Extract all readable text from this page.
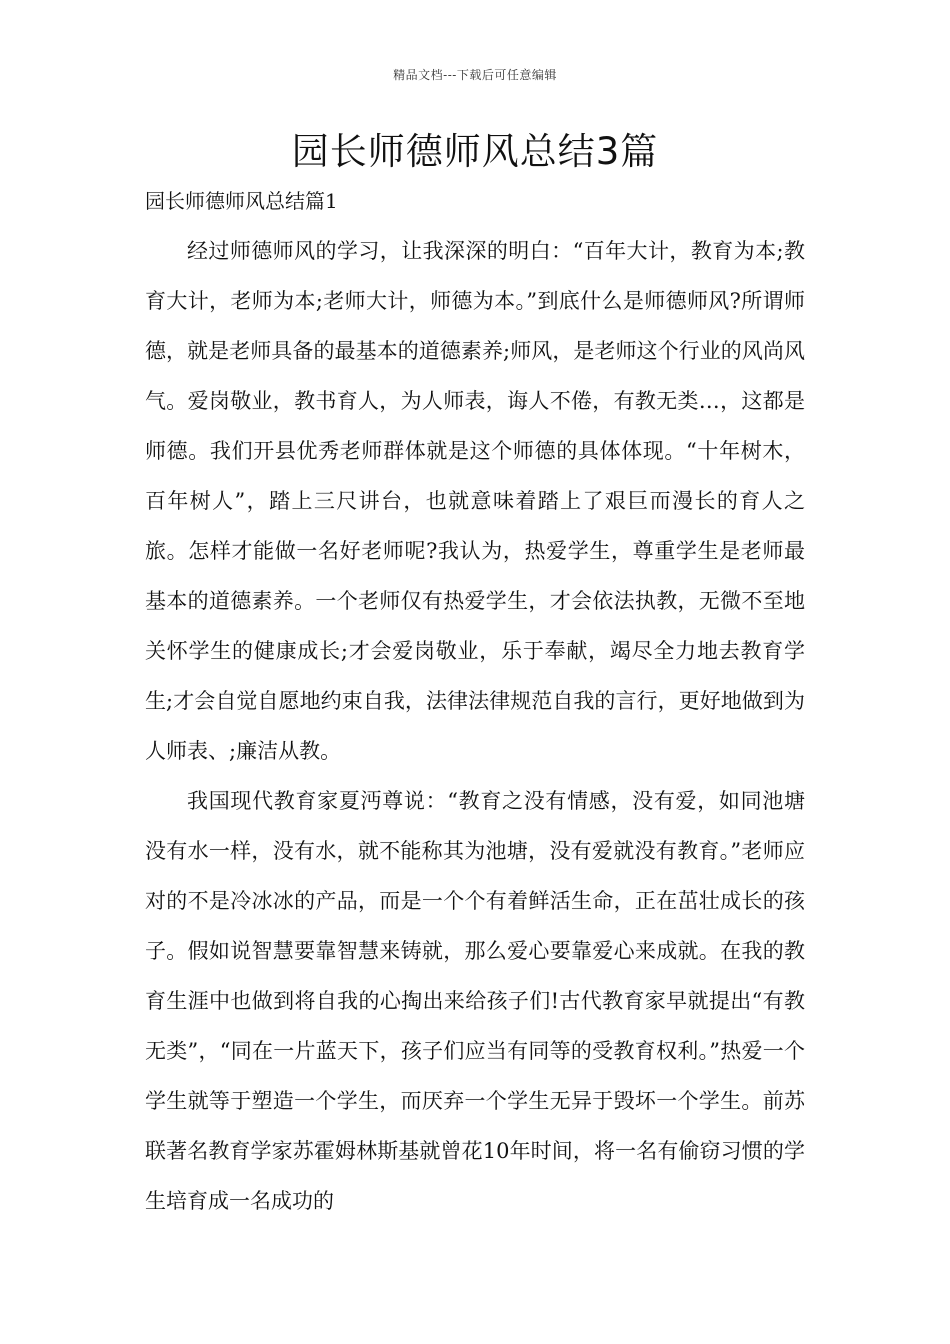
精品文档---下载后可任意编辑
园长师德师风总结3篇
园长师德师风总结篇1

经过师德师风的学习，让我深深的明白：“百年大计，教育为本;教育大计，老师为本;老师大计，师德为本。”到底什么是师德师风?所谓师德，就是老师具备的最基本的道德素养;师风，是老师这个行业的风尚风气。爱岗敬业，教书育人，为人师表，诲人不倦，有教无类…，这都是师德。我们开县优秀老师群体就是这个师德的具体体现。“十年树木，百年树人”，踏上三尺讲台，也就意味着踏上了艰巨而漫长的育人之旅。怎样才能做一名好老师呢?我认为，热爱学生，尊重学生是老师最基本的道德素养。一个老师仅有热爱学生，才会依法执教，无微不至地关怀学生的健康成长;才会爱岗敬业，乐于奉献，竭尽全力地去教育学生;才会自觉自愿地约束自我，法律法律规范自我的言行，更好地做到为人师表、;廉洁从教。

我国现代教育家夏沔尊说：“教育之没有情感，没有爱，如同池塘没有水一样，没有水，就不能称其为池塘，没有爱就没有教育。”老师应对的不是冷冰冰的产品，而是一个个有着鲜活生命，正在茁壮成长的孩子。假如说智慧要靠智慧来铸就，那么爱心要靠爱心来成就。在我的教育生涯中也做到将自我的心掏出来给孩子们!古代教育家早就提出“有教无类”，“同在一片蓝天下，孩子们应当有同等的受教育权利。”热爱一个学生就等于塑造一个学生，而厌弃一个学生无异于毁坏一个学生。前苏联著名教育学家苏霍姆林斯基就曾花10年时间，将一名有偷窃习惯的学生培育成一名成功的
